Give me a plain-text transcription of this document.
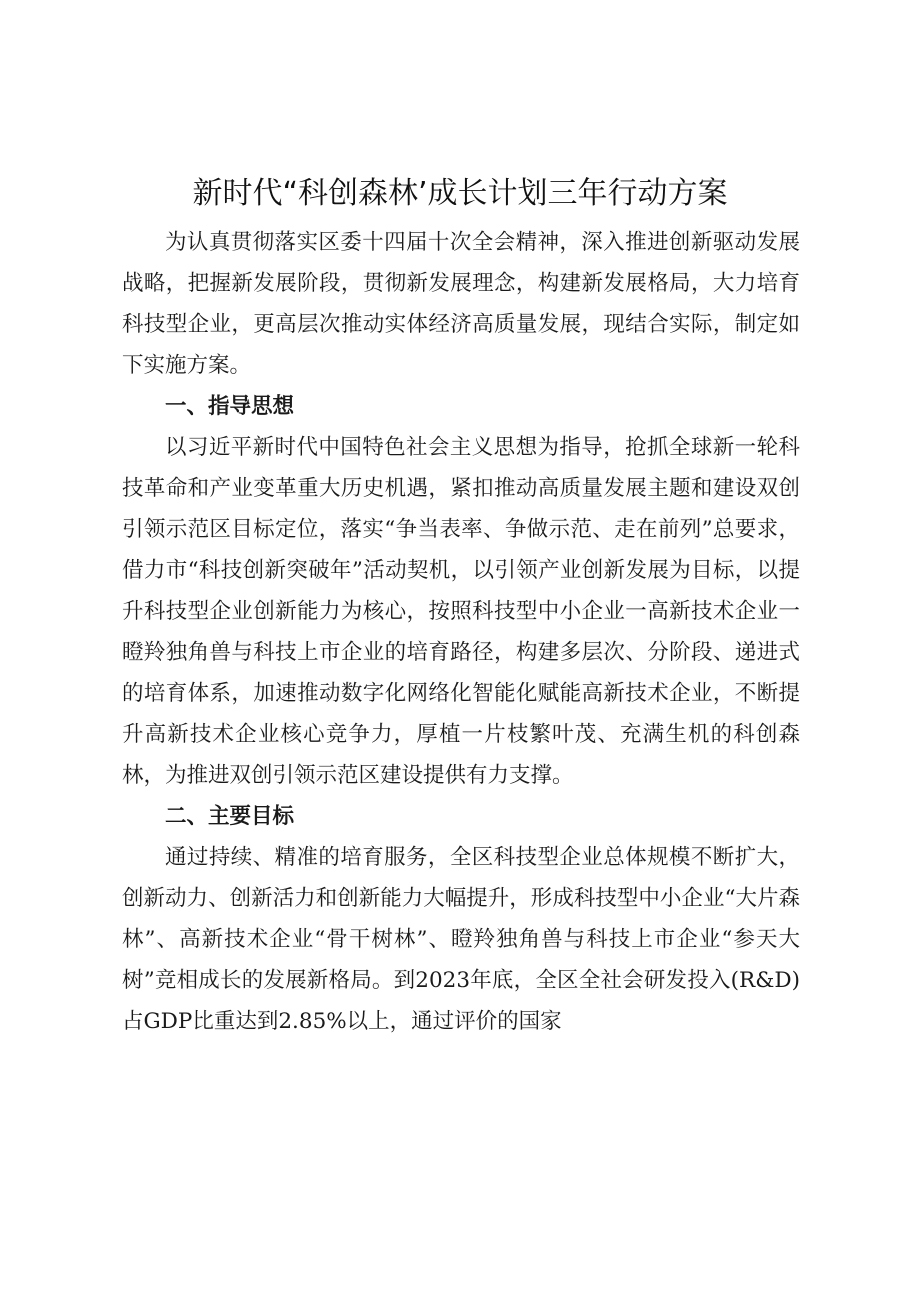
新时代“科创森林’成长计划三年行动方案

为认真贯彻落实区委十四届十次全会精神，深入推进创新驱动发展战略，把握新发展阶段，贯彻新发展理念，构建新发展格局，大力培育科技型企业，更高层次推动实体经济高质量发展，现结合实际，制定如下实施方案。

一、指导思想

以习近平新时代中国特色社会主义思想为指导，抢抓全球新一轮科技革命和产业变革重大历史机遇，紧扣推动高质量发展主题和建设双创引领示范区目标定位，落实“争当表率、争做示范、走在前列”总要求，借力市“科技创新突破年”活动契机，以引领产业创新发展为目标，以提升科技型企业创新能力为核心，按照科技型中小企业一高新技术企业一瞪羚独角兽与科技上市企业的培育路径，构建多层次、分阶段、递进式的培育体系，加速推动数字化网络化智能化赋能高新技术企业，不断提升高新技术企业核心竞争力，厚植一片枝繁叶茂、充满生机的科创森林，为推进双创引领示范区建设提供有力支撑。

二、主要目标

通过持续、精准的培育服务，全区科技型企业总体规模不断扩大，创新动力、创新活力和创新能力大幅提升，形成科技型中小企业“大片森林”、高新技术企业“骨干树林”、瞪羚独角兽与科技上市企业“参天大树”竞相成长的发展新格局。到2023年底，全区全社会研发投入(R&D)占GDP比重达到2.85%以上，通过评价的国家
